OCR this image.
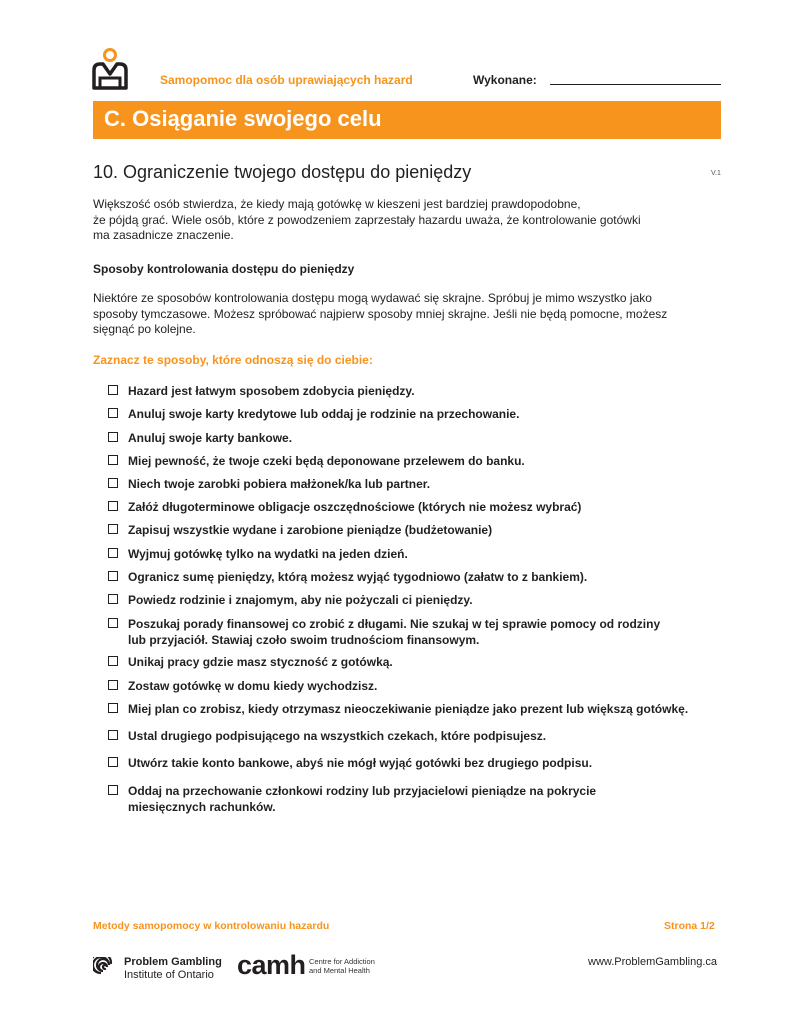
Samopomoc dla osób uprawiających hazard	Wykonane:
C. Osiąganie swojego celu
10. Ograniczenie twojego dostępu do pieniędzy	V.1
Większość osób stwierdza, że kiedy mają gotówkę w kieszeni jest bardziej prawdopodobne,
że pójdą grać. Wiele osób, które z powodzeniem zaprzestały hazardu uważa, że kontrolowanie gotówki
ma zasadnicze znaczenie.
Sposoby kontrolowania dostępu do pieniędzy
Niektóre ze sposobów kontrolowania dostępu mogą wydawać się skrajne. Spróbuj je mimo wszystko jako
sposoby tymczasowe. Możesz spróbować najpierw sposoby mniej skrajne. Jeśli nie będą pomocne, możesz
sięgnąć po kolejne.
Zaznacz te sposoby, które odnoszą się do ciebie:
Hazard jest łatwym sposobem zdobycia pieniędzy.
Anuluj swoje karty kredytowe lub oddaj je rodzinie na przechowanie.
Anuluj swoje karty bankowe.
Miej pewność, że twoje czeki będą deponowane przelewem do banku.
Niech twoje zarobki pobiera małżonek/ka lub partner.
Załóż długoterminowe obligacje oszczędnościowe (których nie możesz wybrać)
Zapisuj wszystkie wydane i zarobione pieniądze (budżetowanie)
Wyjmuj gotówkę tylko na wydatki na jeden dzień.
Ogranicz sumę pieniędzy, którą możesz wyjąć tygodniowo (załatw to z bankiem).
Powiedz rodzinie i znajomym, aby nie pożyczali ci pieniędzy.
Poszukaj porady finansowej co zrobić z długami. Nie szukaj w tej sprawie pomocy od rodziny
lub przyjaciół. Stawiaj czoło swoim trudnościom finansowym.
Unikaj pracy gdzie masz styczność z gotówką.
Zostaw gotówkę w domu kiedy wychodzisz.
Miej plan co zrobisz, kiedy otrzymasz nieoczekiwanie pieniądze jako prezent lub większą gotówkę.
Ustal drugiego podpisującego na wszystkich czekach, które podpisujesz.
Utwórz takie konto bankowe, abyś nie mógł wyjąć gotówki bez drugiego podpisu.
Oddaj na przechowanie członkowi rodziny lub przyjacielowi pieniądze na pokrycie
miesięcznych rachunków.
Metody samopomocy w kontrolowaniu hazardu	Strona 1/2
Problem Gambling
Institute of Ontario camh Centre for Addiction
and Mental Health
www.ProblemGambling.ca
